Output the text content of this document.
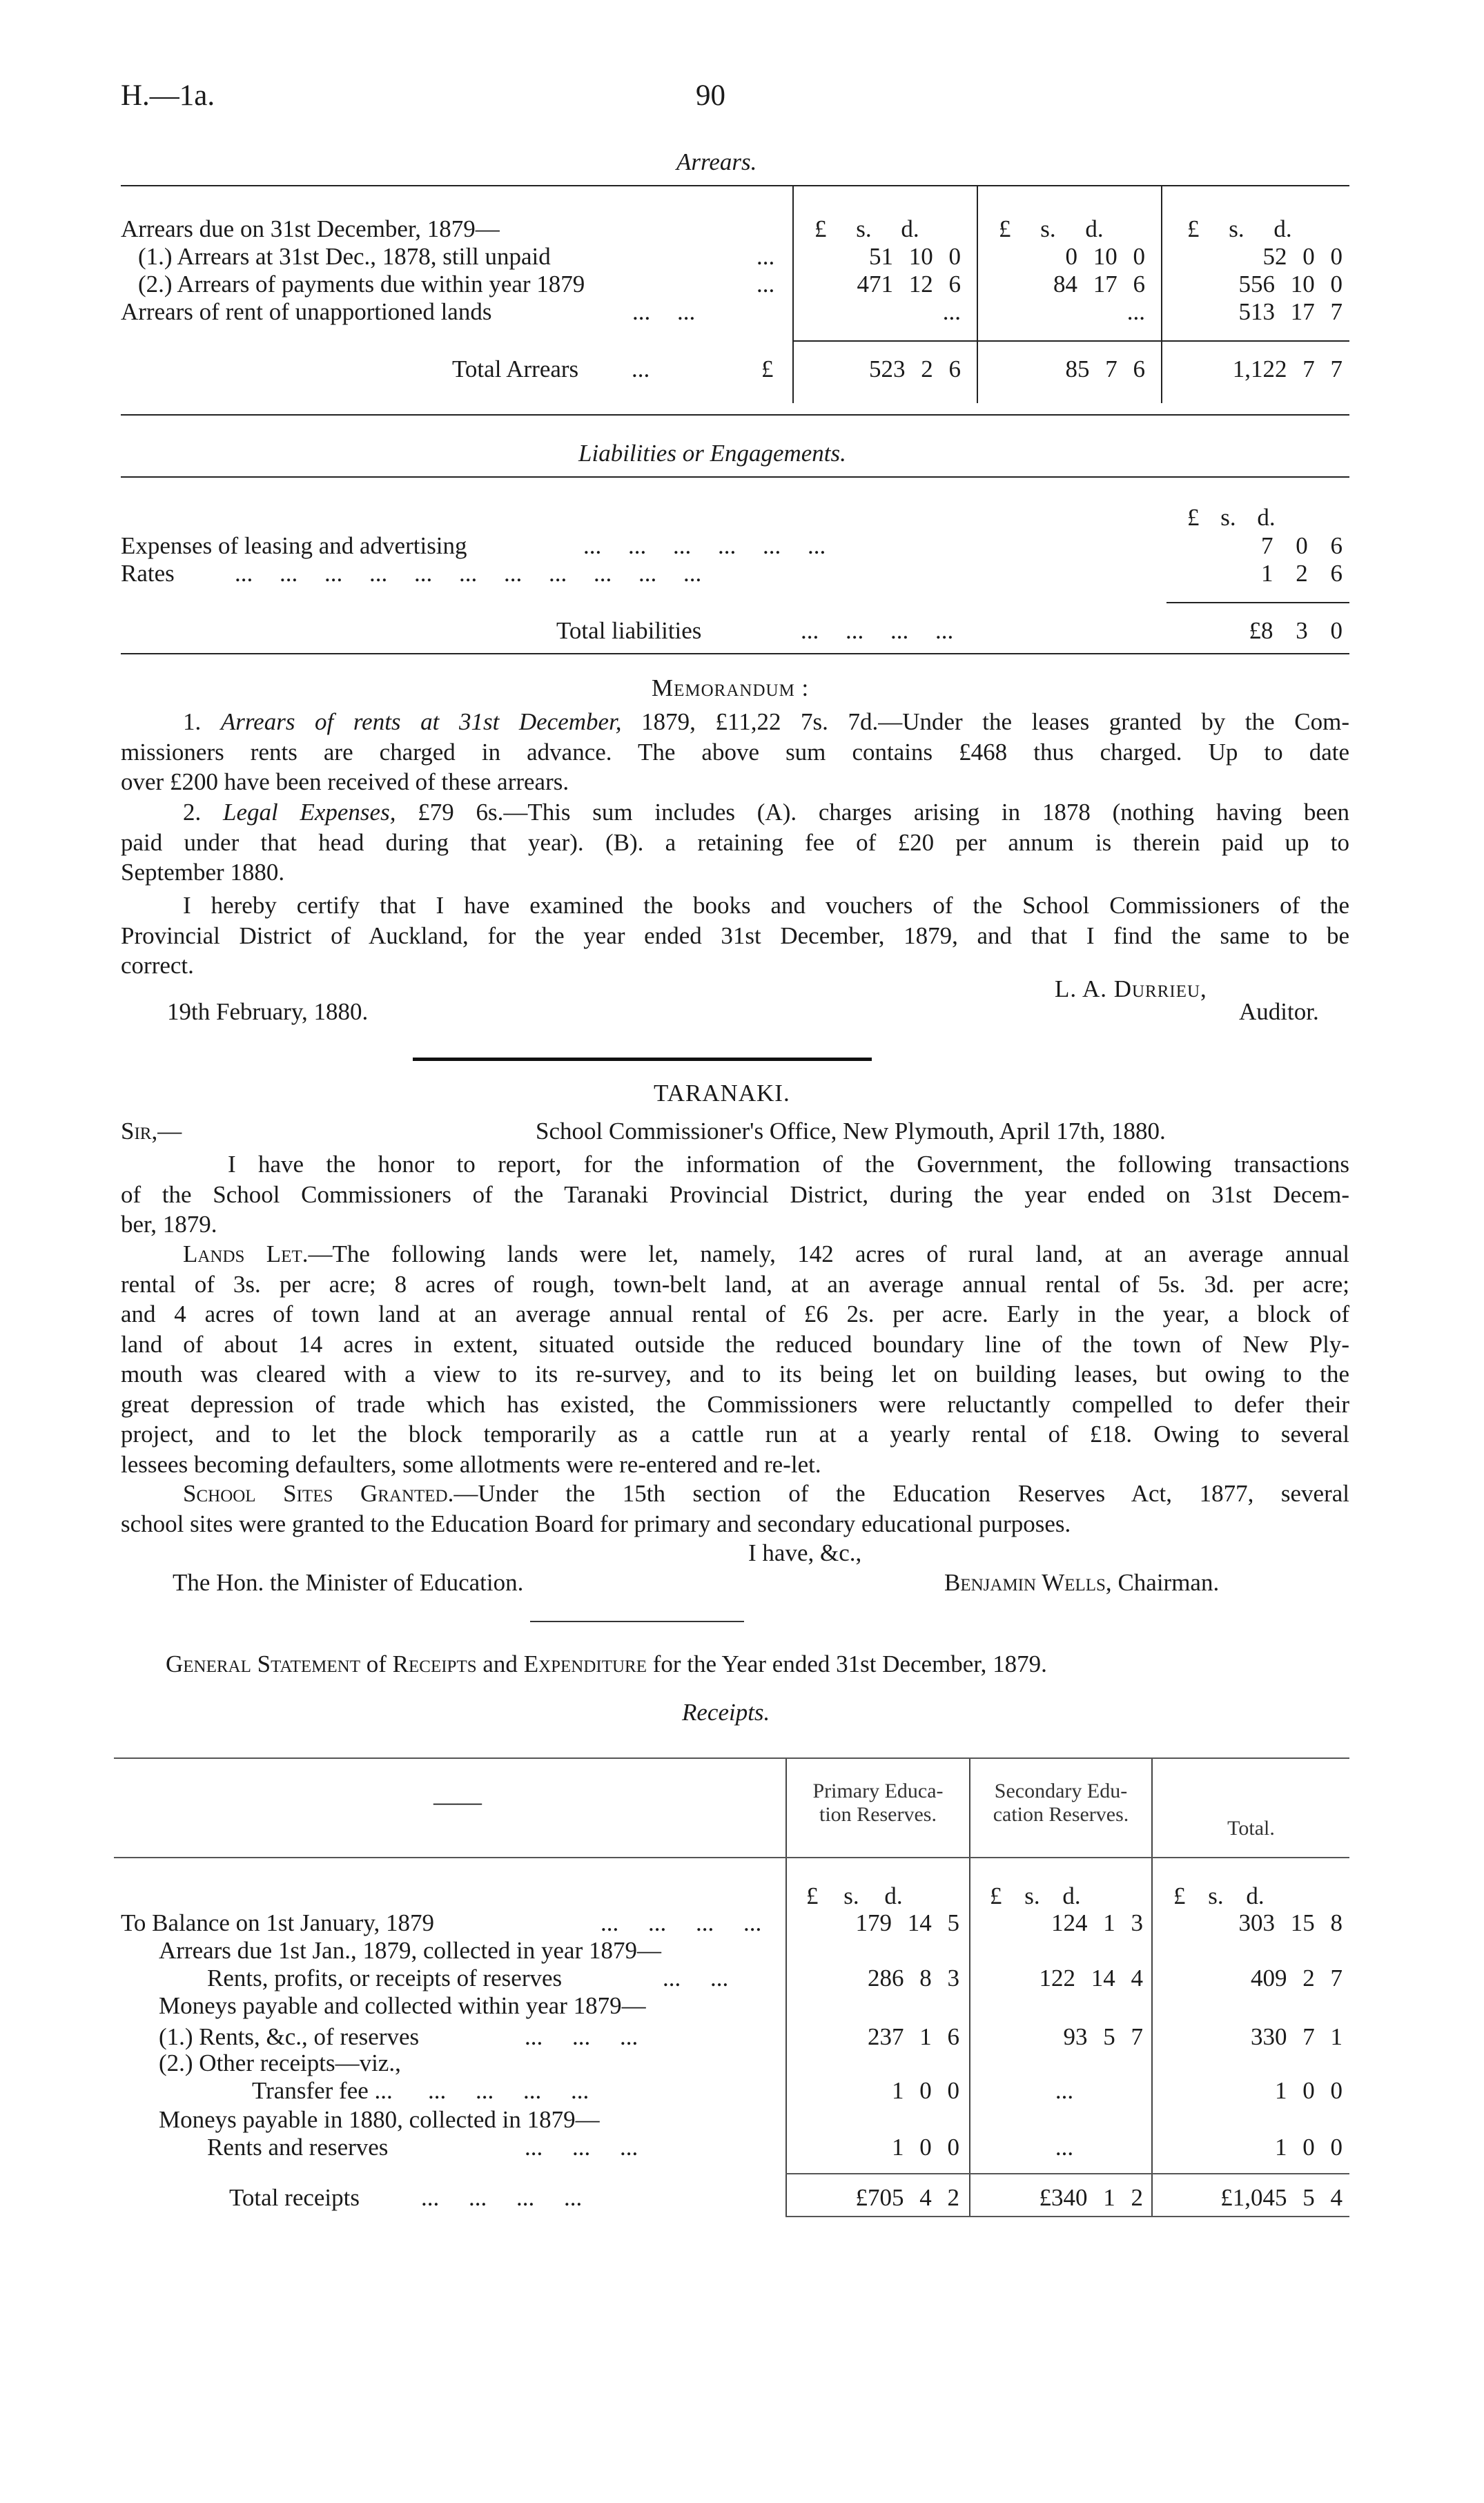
H.—1a.	90
Arrears.
£ s. d.	£ s. d.	£ s. d.
Arrears due on 31st December, 1879—
(1.) Arrears at 31st Dec., 1878, still unpaid	...	51 10 0	0 10 0	52 0 0
(2.) Arrears of payments due within year 1879	...	471 12 6	84 17 6	556 10 0
Arrears of rent of unapportioned lands	... ...	...	...	513 17 7
Total Arrears ...	£	523 2 6	85 7 6	1,122 7 7
Liabilities or Engagements.
£ s. d.
Expenses of leasing and advertising	... ... ... ... ... ...	7 0 6
Rates ... ... ... ... ... ... ... ... ... ... ...	1 2 6
Total liabilities	... ... ... ...	£8 3 0
Memorandum :
1. Arrears of rents at 31st December, 1879, £11,22 7s. 7d.—Under the leases granted by the Com-
missioners rents are charged in advance. The above sum contains £468 thus charged. Up to date
over £200 have been received of these arrears.
2. Legal Expenses, £79 6s.—This sum includes (A). charges arising in 1878 (nothing having been
paid under that head during that year). (B). a retaining fee of £20 per annum is therein paid up to
September 1880.
I hereby certify that I have examined the books and vouchers of the School Commissioners of the
Provincial District of Auckland, for the year ended 31st December, 1879, and that I find the same to be
correct.
L. A. Durrieu,
19th February, 1880.	Auditor.
TARANAKI.
Sir,—	School Commissioner's Office, New Plymouth, April 17th, 1880.
I have the honor to report, for the information of the Government, the following transactions
of the School Commissioners of the Taranaki Provincial District, during the year ended on 31st Decem-
ber, 1879.
Lands Let.—The following lands were let, namely, 142 acres of rural land, at an average annual
rental of 3s. per acre; 8 acres of rough, town-belt land, at an average annual rental of 5s. 3d. per acre;
and 4 acres of town land at an average annual rental of £6 2s. per acre. Early in the year, a block of
land of about 14 acres in extent, situated outside the reduced boundary line of the town of New Ply-
mouth was cleared with a view to its re-survey, and to its being let on building leases, but owing to the
great depression of trade which has existed, the Commissioners were reluctantly compelled to defer their
project, and to let the block temporarily as a cattle run at a yearly rental of £18. Owing to several
lessees becoming defaulters, some allotments were re-entered and re-let.
School Sites Granted.—Under the 15th section of the Education Reserves Act, 1877, several
school sites were granted to the Education Board for primary and secondary educational purposes.
I have, &c.,
The Hon. the Minister of Education.	Benjamin Wells, Chairman.
General Statement of Receipts and Expenditure for the Year ended 31st December, 1879.
Receipts.
——	Primary Educa-
tion Reserves.
Secondary Edu-
cation Reserves.
Total.
£ s. d.	£ s. d.	£ s. d.
To Balance on 1st January, 1879	... ... ... ...	179 14 5	124 1 3	303 15 8
Arrears due 1st Jan., 1879, collected in year 1879—
Rents, profits, or receipts of reserves	... ...	286 8 3	122 14 4	409 2 7
Moneys payable and collected within year 1879—
(1.) Rents, &c., of reserves	... ... ...	237 1 6	93 5 7	330 7 1
(2.) Other receipts—viz.,
Transfer fee ... ... ... ... ...	1 0 0	...	1 0 0
Moneys payable in 1880, collected in 1879—
Rents and reserves	... ... ...	1 0 0	...	1 0 0
Total receipts	... ... ... ...	£705 4 2	£340 1 2	£1,045 5 4
